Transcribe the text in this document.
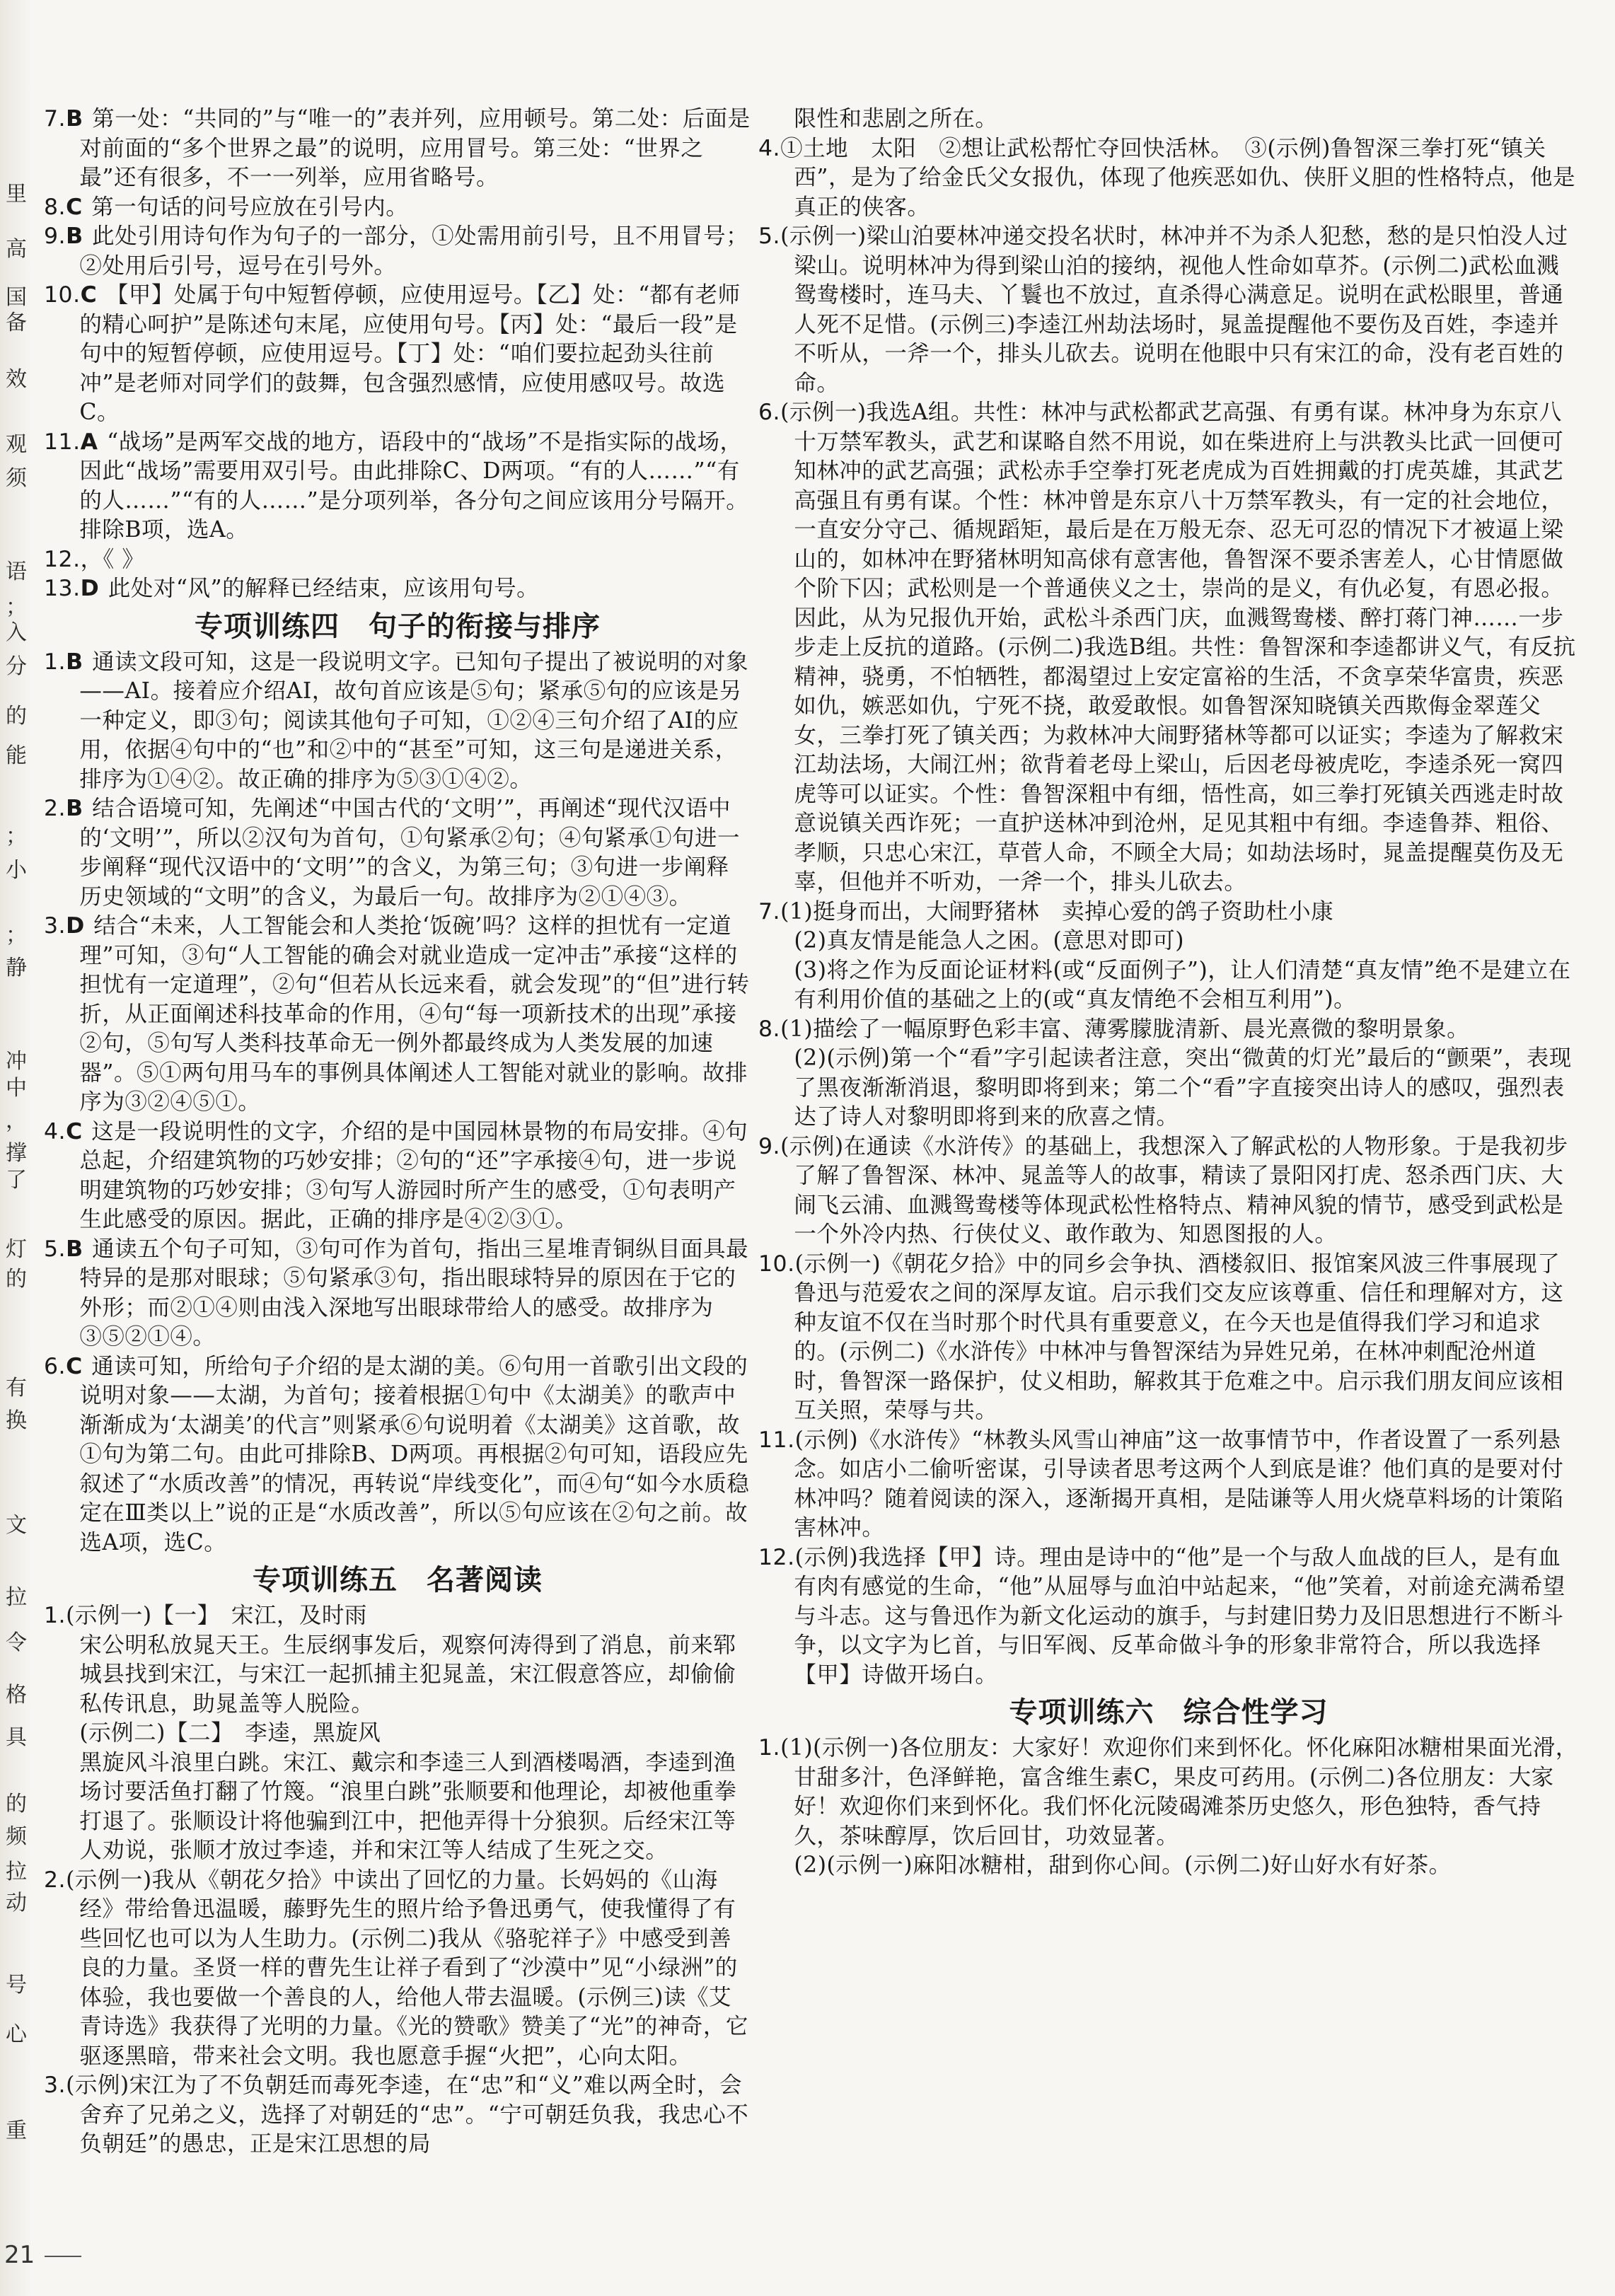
里
高
国
备
效
观
须
语
；
入
分
的
能
；
小
；
静
冲
中
，
撑
了
灯
的
有
换
文
拉
令
格
具
的
频
拉
动
号
心
重

7.B 第一处：“共同的”与“唯一的”表并列，应用顿号。第二处：后面是对前面的“多个世界之最”的说明，应用冒号。第三处：“世界之最”还有很多，不一一列举，应用省略号。

8.C 第一句话的问号应放在引号内。

9.B 此处引用诗句作为句子的一部分，①处需用前引号，且不用冒号；②处用后引号，逗号在引号外。

10.C 【甲】处属于句中短暂停顿，应使用逗号。【乙】处：“都有老师的精心呵护”是陈述句末尾，应使用句号。【丙】处：“最后一段”是句中的短暂停顿，应使用逗号。【丁】处：“咱们要拉起劲头往前冲”是老师对同学们的鼓舞，包含强烈感情，应使用感叹号。故选C。

11.A “战场”是两军交战的地方，语段中的“战场”不是指实际的战场，因此“战场”需要用双引号。由此排除C、D两项。“有的人……”“有的人……”“有的人……”是分项列举，各分句之间应该用分号隔开。排除B项，选A。

12.，《 》

13.D 此处对“风”的解释已经结束，应该用句号。

专项训练四　句子的衔接与排序

1.B 通读文段可知，这是一段说明文字。已知句子提出了被说明的对象——AI。接着应介绍AI，故句首应该是⑤句；紧承⑤句的应该是另一种定义，即③句；阅读其他句子可知，①②④三句介绍了AI的应用，依据④句中的“也”和②中的“甚至”可知，这三句是递进关系，排序为①④②。故正确的排序为⑤③①④②。

2.B 结合语境可知，先阐述“中国古代的‘文明’”，再阐述“现代汉语中的‘文明’”，所以②汉句为首句，①句紧承②句；④句紧承①句进一步阐释“现代汉语中的‘文明’”的含义，为第三句；③句进一步阐释历史领域的“文明”的含义，为最后一句。故排序为②①④③。

3.D 结合“未来，人工智能会和人类抢‘饭碗’吗？这样的担忧有一定道理”可知，③句“人工智能的确会对就业造成一定冲击”承接“这样的担忧有一定道理”，②句“但若从长远来看，就会发现”的“但”进行转折，从正面阐述科技革命的作用，④句“每一项新技术的出现”承接②句，⑤句写人类科技革命无一例外都最终成为人类发展的加速器”。⑤①两句用马车的事例具体阐述人工智能对就业的影响。故排序为③②④⑤①。

4.C 这是一段说明性的文字，介绍的是中国园林景物的布局安排。④句总起，介绍建筑物的巧妙安排；②句的“还”字承接④句，进一步说明建筑物的巧妙安排；③句写人游园时所产生的感受，①句表明产生此感受的原因。据此，正确的排序是④②③①。

5.B 通读五个句子可知，③句可作为首句，指出三星堆青铜纵目面具最特异的是那对眼球；⑤句紧承③句，指出眼球特异的原因在于它的外形；而②①④则由浅入深地写出眼球带给人的感受。故排序为③⑤②①④。

6.C 通读可知，所给句子介绍的是太湖的美。⑥句用一首歌引出文段的说明对象——太湖，为首句；接着根据①句中《太湖美》的歌声中渐渐成为‘太湖美’的代言”则紧承⑥句说明着《太湖美》这首歌，故①句为第二句。由此可排除B、D两项。再根据②句可知，语段应先叙述了“水质改善”的情况，再转说“岸线变化”，而④句“如今水质稳定在Ⅲ类以上”说的正是“水质改善”，所以⑤句应该在②句之前。故选A项，选C。

专项训练五　名著阅读

1.(示例一)【一】　宋江，及时雨

宋公明私放晁天王。生辰纲事发后，观察何涛得到了消息，前来郓城县找到宋江，与宋江一起抓捕主犯晁盖，宋江假意答应，却偷偷私传讯息，助晁盖等人脱险。

(示例二)【二】　李逵，黑旋风

黑旋风斗浪里白跳。宋江、戴宗和李逵三人到酒楼喝酒，李逵到渔场讨要活鱼打翻了竹篾。“浪里白跳”张顺要和他理论，却被他重拳打退了。张顺设计将他骗到江中，把他弄得十分狼狈。后经宋江等人劝说，张顺才放过李逵，并和宋江等人结成了生死之交。

2.(示例一)我从《朝花夕拾》中读出了回忆的力量。长妈妈的《山海经》带给鲁迅温暖，藤野先生的照片给予鲁迅勇气，使我懂得了有些回忆也可以为人生助力。(示例二)我从《骆驼祥子》中感受到善良的力量。圣贤一样的曹先生让祥子看到了“沙漠中”见“小绿洲”的体验，我也要做一个善良的人，给他人带去温暖。(示例三)读《艾青诗选》我获得了光明的力量。《光的赞歌》赞美了“光”的神奇，它驱逐黑暗，带来社会文明。我也愿意手握“火把”，心向太阳。

3.(示例)宋江为了不负朝廷而毒死李逵，在“忠”和“义”难以两全时，会舍弃了兄弟之义，选择了对朝廷的“忠”。“宁可朝廷负我，我忠心不负朝廷”的愚忠，正是宋江思想的局

限性和悲剧之所在。

4.①土地　太阳　②想让武松帮忙夺回快活林。　③(示例)鲁智深三拳打死“镇关西”，是为了给金氏父女报仇，体现了他疾恶如仇、侠肝义胆的性格特点，他是真正的侠客。

5.(示例一)梁山泊要林冲递交投名状时，林冲并不为杀人犯愁，愁的是只怕没人过梁山。说明林冲为得到梁山泊的接纳，视他人性命如草芥。(示例二)武松血溅鸳鸯楼时，连马夫、丫鬟也不放过，直杀得心满意足。说明在武松眼里，普通人死不足惜。(示例三)李逵江州劫法场时，晁盖提醒他不要伤及百姓，李逵并不听从，一斧一个，排头儿砍去。说明在他眼中只有宋江的命，没有老百姓的命。

6.(示例一)我选A组。共性：林冲与武松都武艺高强、有勇有谋。林冲身为东京八十万禁军教头，武艺和谋略自然不用说，如在柴进府上与洪教头比武一回便可知林冲的武艺高强；武松赤手空拳打死老虎成为百姓拥戴的打虎英雄，其武艺高强且有勇有谋。个性：林冲曾是东京八十万禁军教头，有一定的社会地位，一直安分守己、循规蹈矩，最后是在万般无奈、忍无可忍的情况下才被逼上梁山的，如林冲在野猪林明知高俅有意害他，鲁智深不要杀害差人，心甘情愿做个阶下囚；武松则是一个普通侠义之士，崇尚的是义，有仇必复，有恩必报。因此，从为兄报仇开始，武松斗杀西门庆，血溅鸳鸯楼、醉打蒋门神……一步步走上反抗的道路。(示例二)我选B组。共性：鲁智深和李逵都讲义气，有反抗精神，骁勇，不怕牺牲，都渴望过上安定富裕的生活，不贪享荣华富贵，疾恶如仇，嫉恶如仇，宁死不挠，敢爱敢恨。如鲁智深知晓镇关西欺侮金翠莲父女，三拳打死了镇关西；为救林冲大闹野猪林等都可以证实；李逵为了解救宋江劫法场，大闹江州；欲背着老母上梁山，后因老母被虎吃，李逵杀死一窝四虎等可以证实。个性：鲁智深粗中有细，悟性高，如三拳打死镇关西逃走时故意说镇关西诈死；一直护送林冲到沧州，足见其粗中有细。李逵鲁莽、粗俗、孝顺，只忠心宋江，草菅人命，不顾全大局；如劫法场时，晁盖提醒莫伤及无辜，但他并不听劝，一斧一个，排头儿砍去。

7.(1)挺身而出，大闹野猪林　卖掉心爱的鸽子资助杜小康

(2)真友情是能急人之困。(意思对即可)

(3)将之作为反面论证材料(或“反面例子”)，让人们清楚“真友情”绝不是建立在有利用价值的基础之上的(或“真友情绝不会相互利用”)。

8.(1)描绘了一幅原野色彩丰富、薄雾朦胧清新、晨光熹微的黎明景象。

(2)(示例)第一个“看”字引起读者注意，突出“微黄的灯光”最后的“颤栗”，表现了黑夜渐渐消退，黎明即将到来；第二个“看”字直接突出诗人的感叹，强烈表达了诗人对黎明即将到来的欣喜之情。

9.(示例)在通读《水浒传》的基础上，我想深入了解武松的人物形象。于是我初步了解了鲁智深、林冲、晁盖等人的故事，精读了景阳冈打虎、怒杀西门庆、大闹飞云浦、血溅鸳鸯楼等体现武松性格特点、精神风貌的情节，感受到武松是一个外冷内热、行侠仗义、敢作敢为、知恩图报的人。

10.(示例一)《朝花夕拾》中的同乡会争执、酒楼叙旧、报馆案风波三件事展现了鲁迅与范爱农之间的深厚友谊。启示我们交友应该尊重、信任和理解对方，这种友谊不仅在当时那个时代具有重要意义，在今天也是值得我们学习和追求的。(示例二)《水浒传》中林冲与鲁智深结为异姓兄弟，在林冲刺配沧州道时，鲁智深一路保护，仗义相助，解救其于危难之中。启示我们朋友间应该相互关照，荣辱与共。

11.(示例)《水浒传》“林教头风雪山神庙”这一故事情节中，作者设置了一系列悬念。如店小二偷听密谋，引导读者思考这两个人到底是谁？他们真的是要对付林冲吗？随着阅读的深入，逐渐揭开真相，是陆谦等人用火烧草料场的计策陷害林冲。

12.(示例)我选择【甲】诗。理由是诗中的“他”是一个与敌人血战的巨人，是有血有肉有感觉的生命，“他”从屈辱与血泊中站起来，“他”笑着，对前途充满希望与斗志。这与鲁迅作为新文化运动的旗手，与封建旧势力及旧思想进行不断斗争，以文字为匕首，与旧军阀、反革命做斗争的形象非常符合，所以我选择【甲】诗做开场白。

专项训练六　综合性学习

1.(1)(示例一)各位朋友：大家好！欢迎你们来到怀化。怀化麻阳冰糖柑果面光滑，甘甜多汁，色泽鲜艳，富含维生素C，果皮可药用。(示例二)各位朋友：大家好！欢迎你们来到怀化。我们怀化沅陵碣滩茶历史悠久，形色独特，香气持久，茶味醇厚，饮后回甘，功效显著。

(2)(示例一)麻阳冰糖柑，甜到你心间。(示例二)好山好水有好茶。

21
